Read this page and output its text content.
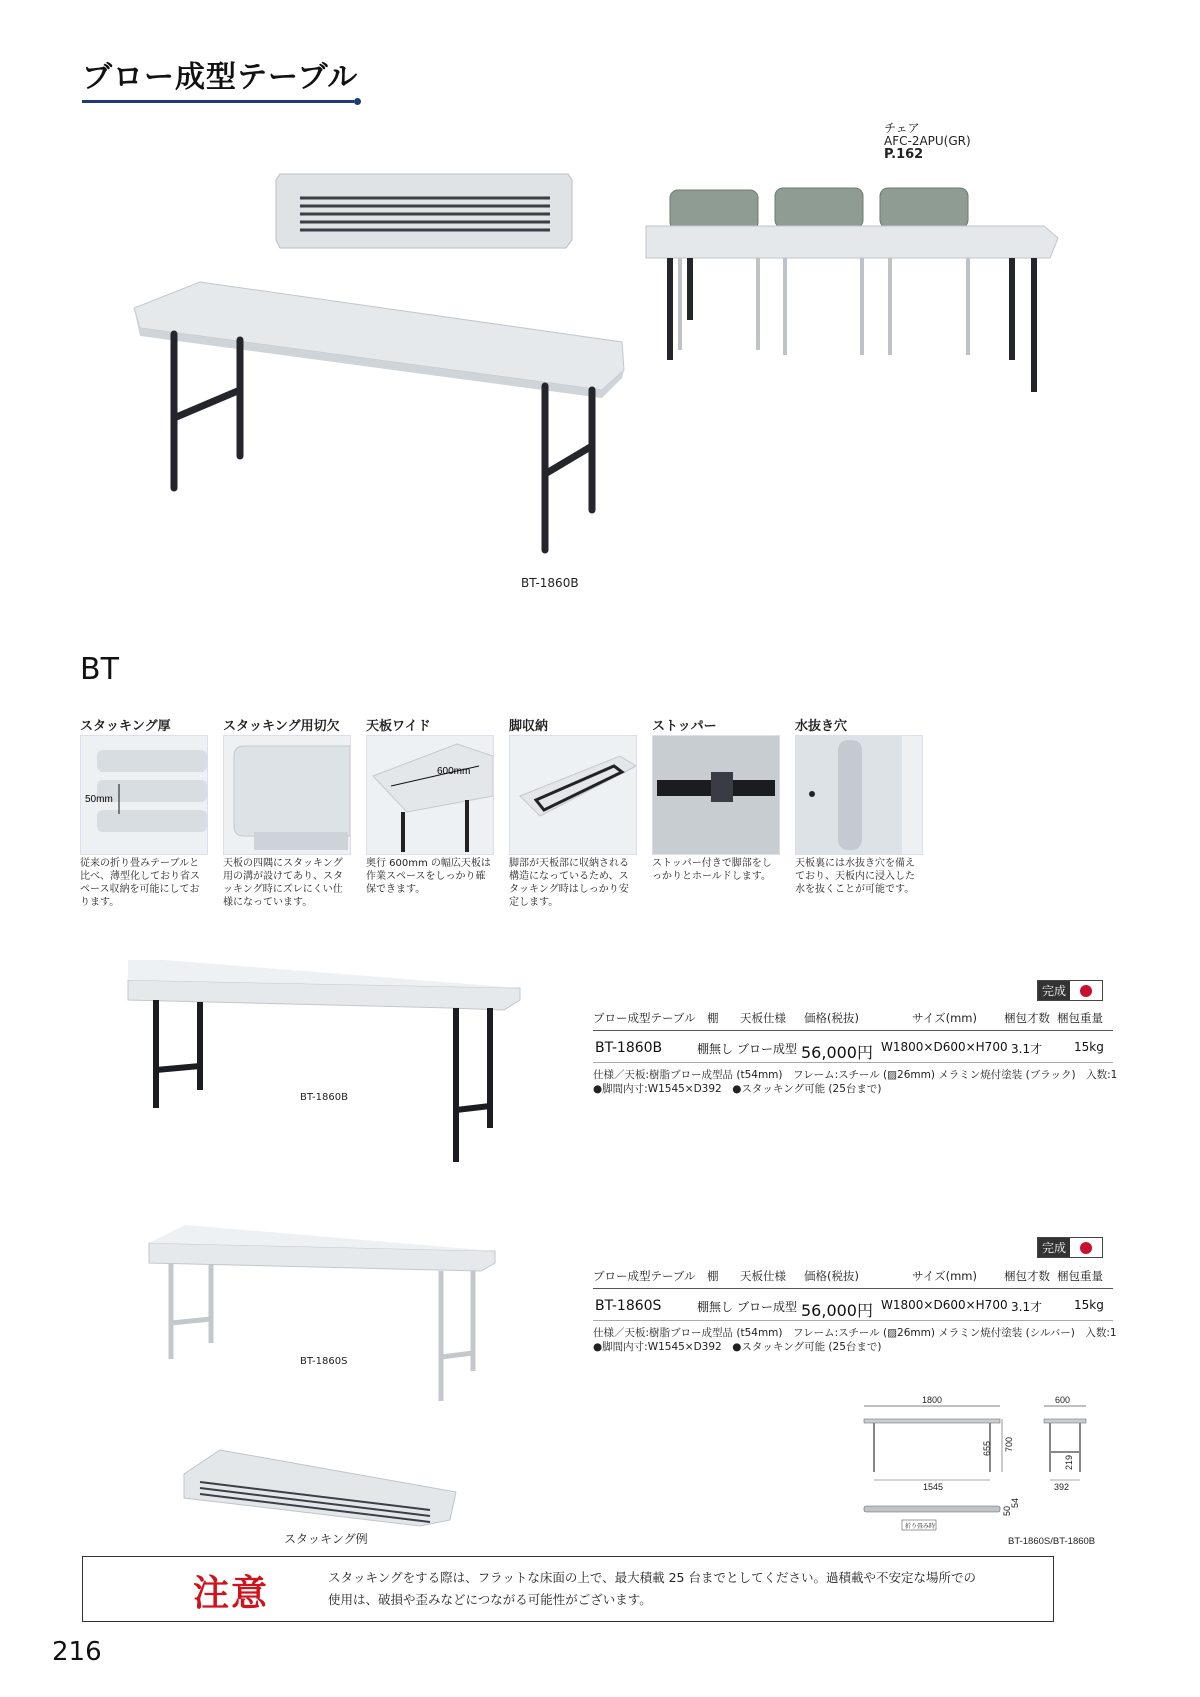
ブロー成型テーブル
BT-1860B
チェア
AFC-2APU(GR)
P.162
BT
スタッキング厚
50mm
従来の折り畳みテーブルと比べ、薄型化しており省スペース収納を可能にしております。
スタッキング用切欠
天板の四隅にスタッキング用の溝が設けてあり、スタッキング時にズレにくい仕様になっています。
天板ワイド
600mm
奥行 600mm の幅広天板は作業スペースをしっかり確保できます。
脚収納
脚部が天板部に収納される構造になっているため、スタッキング時はしっかり安定します。
ストッパー
ストッパー付きで脚部をしっかりとホールドします。
水抜き穴
天板裏には水抜き穴を備えており、天板内に浸入した水を抜くことが可能です。
BT-1860B
完成
ブロー成型テーブル 棚 天板仕様 価格(税抜)	サイズ(mm) 梱包才数 梱包重量
BT-1860B	棚無し ブロー成型 56,000円 W1800×D600×H700 3.1才	15kg
仕様／天板:樹脂ブロー成型品 (t54mm)　フレーム:スチール (▨26mm) メラミン焼付塗装 (ブラック)　入数:1
●脚間内寸:W1545×D392　●スタッキング可能 (25台まで)
BT-1860S
完成
ブロー成型テーブル 棚 天板仕様 価格(税抜)	サイズ(mm) 梱包才数 梱包重量
BT-1860S	棚無し ブロー成型 56,000円 W1800×D600×H700 3.1才	15kg
仕様／天板:樹脂ブロー成型品 (t54mm)　フレーム:スチール (▨26mm) メラミン焼付塗装 (シルバー)　入数:1
●脚間内寸:W1545×D392　●スタッキング可能 (25台まで)
スタッキング例
1800
655 700
1545
600
219
392
50
54
折り畳み時
BT-1860S/BT-1860B
注意	スタッキングをする際は、フラットな床面の上で、最大積載 25 台までとしてください。過積載や不安定な場所での
使用は、破損や歪みなどにつながる可能性がございます。
216
